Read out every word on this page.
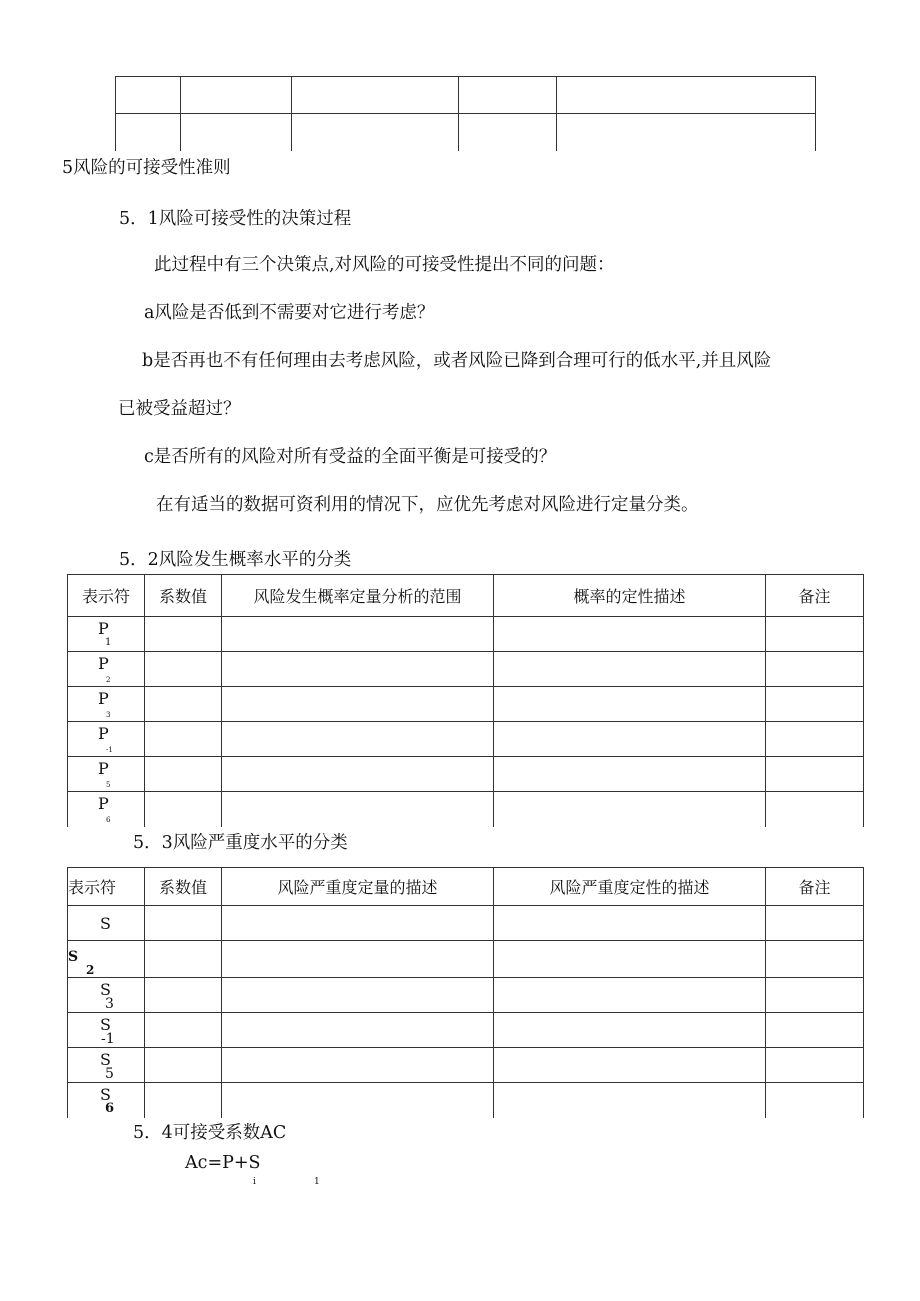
5风险的可接受性准则
5．1风险可接受性的决策过程
此过程中有三个决策点,对风险的可接受性提出不同的问题：
a风险是否低到不需要对它进行考虑？
b是否再也不有任何理由去考虑风险，或者风险已降到合理可行的低水平,并且风险
已被受益超过？
c是否所有的风险对所有受益的全面平衡是可接受的？
在有适当的数据可资利用的情况下，应优先考虑对风险进行定量分类。
5．2风险发生概率水平的分类
表示符	系数值	风险发生概率定量分析的范围	概率的定性描述	备注

P
1				

P
2				

P
3				

P
-1				

P
5				

P
6				

5．3风险严重度水平的分类
表示符	系数值	风险严重度定量的描述	风险严重度定性的描述	备注

S				

S
2				

S
3				

S
-1				

S
5				

S
6				

5．4可接受系数AC
Ac=P+S
i	1
